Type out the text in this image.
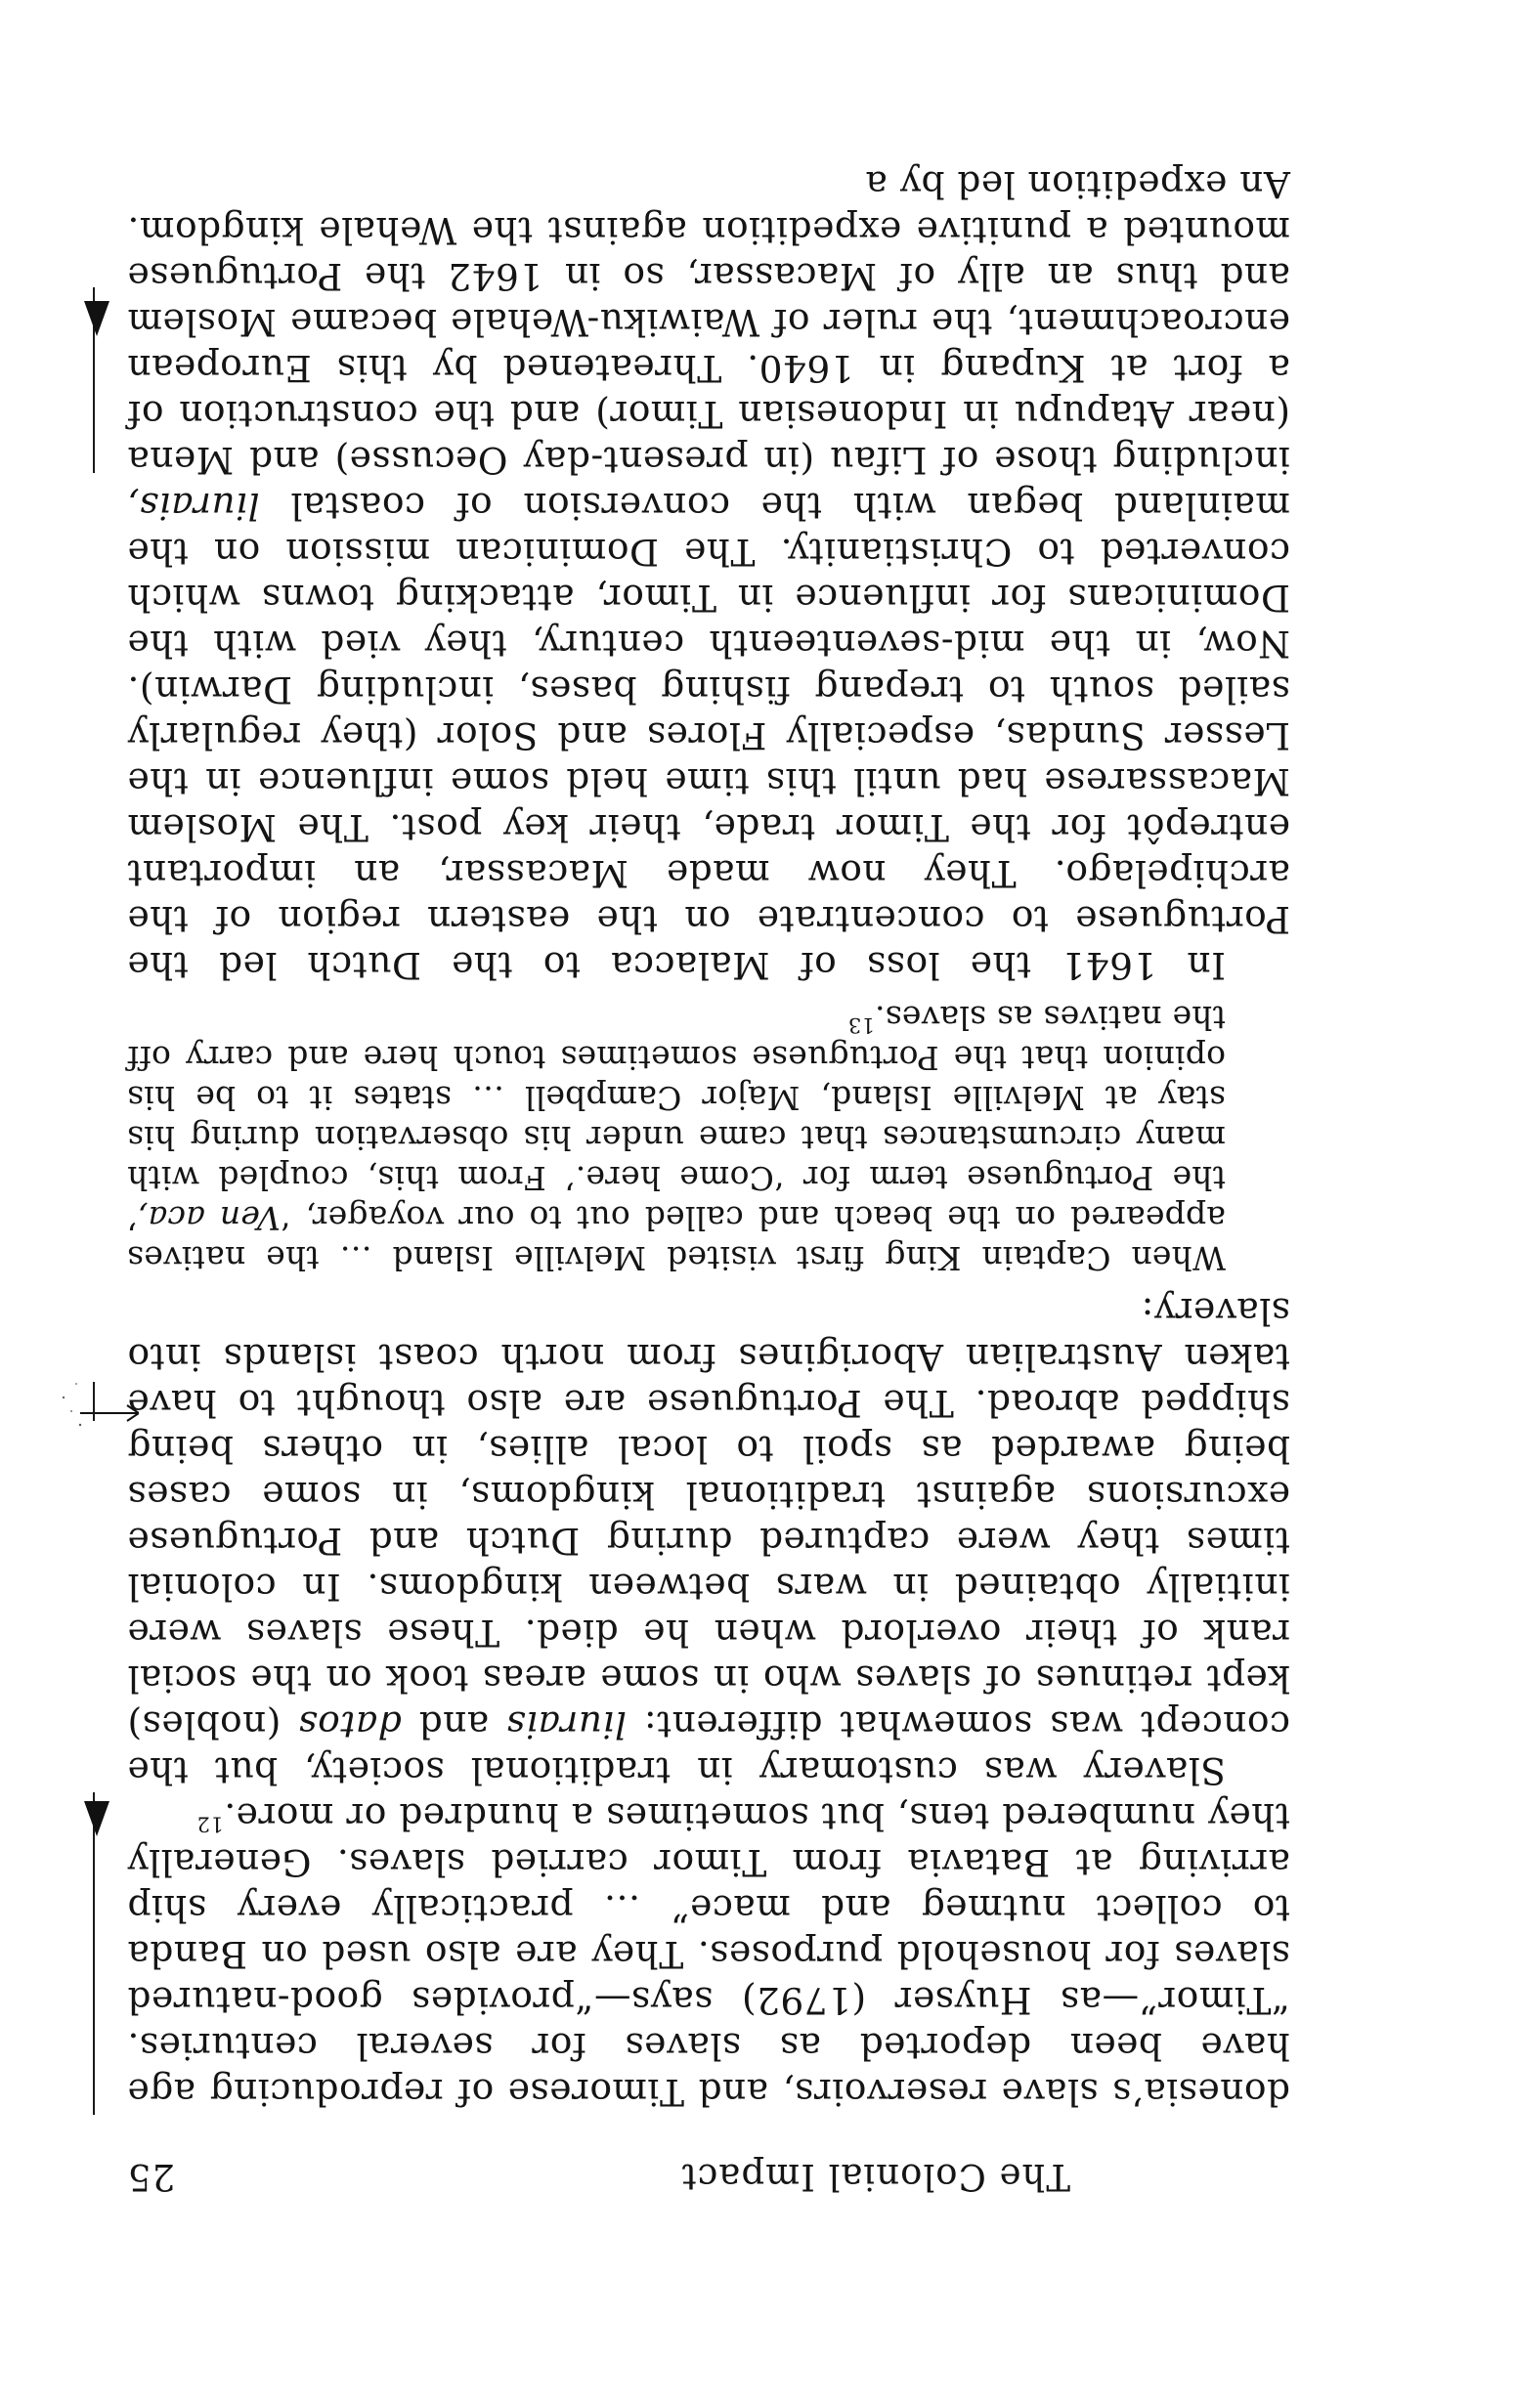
The Colonial Impact
25

donesia’s slave reservoirs, and Timorese of reproducing age have been deported as slaves for several centuries. “Timor”—as Huyser (1792) says—“provides good-natured slaves for household purposes. They are also used on Banda to collect nutmeg and mace” … practically every ship arriving at Batavia from Timor carried slaves. Generally they numbered tens, but sometimes a hundred or more.$^{12}$

Slavery was customary in traditional society, but the concept was somewhat different: liurais and datos (nobles) kept retinues of slaves who in some areas took on the social rank of their overlord when he died. These slaves were initially obtained in wars between kingdoms. In colonial times they were captured during Dutch and Portuguese excursions against traditional kingdoms, in some cases being awarded as spoil to local allies, in others being shipped abroad. The Portuguese are also thought to have taken Australian Aborigines from north coast islands into slavery:

When Captain King first visited Melville Island … the natives appeared on the beach and called out to our voyager, ‘Ven aca,’ the Portuguese term for ‘Come here.’ From this, coupled with many circumstances that came under his observation during his stay at Melville Island, Major Campbell … states it to be his opinion that the Portuguese sometimes touch here and carry off the natives as slaves.$^{13}$

In 1641 the loss of Malacca to the Dutch led the Portuguese to concentrate on the eastern region of the archipelago. They now made Macassar, an important entrepôt for the Timor trade, their key post. The Moslem Macassarese had until this time held some influence in the Lesser Sundas, especially Flores and Solor (they regularly sailed south to trepang fishing bases, including Darwin). Now, in the mid-seventeenth century, they vied with the Dominicans for influence in Timor, attacking towns which converted to Christianity. The Dominican mission on the mainland began with the conversion of coastal liurais, including those of Lifau (in present-day Oecusse) and Mena (near Atapupu in Indonesian Timor) and the construction of a fort at Kupang in 1640. Threatened by this European encroachment, the ruler of Waiwiku-Wehale became Moslem and thus an ally of Macassar, so in 1642 the Portuguese mounted a punitive expedition against the Wehale kingdom. An expedition led by a
